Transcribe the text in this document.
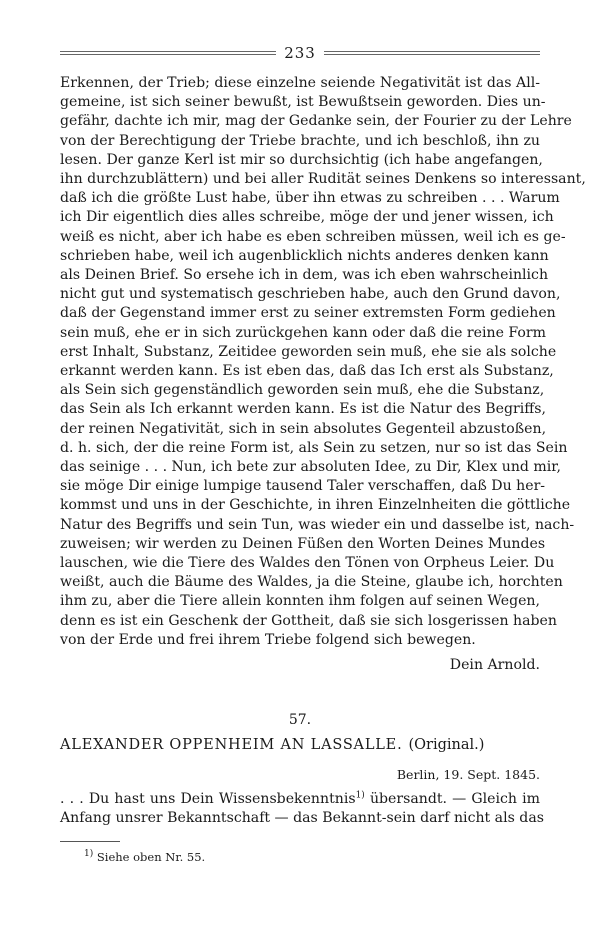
233
Erkennen, der Trieb; diese einzelne seiende Negativität ist das All-
gemeine, ist sich seiner bewußt, ist Bewußtsein geworden. Dies un-
gefähr, dachte ich mir, mag der Gedanke sein, der Fourier zu der Lehre
von der Berechtigung der Triebe brachte, und ich beschloß, ihn zu
lesen. Der ganze Kerl ist mir so durchsichtig (ich habe angefangen,
ihn durchzublättern) und bei aller Rudität seines Denkens so interessant,
daß ich die größte Lust habe, über ihn etwas zu schreiben . . . Warum
ich Dir eigentlich dies alles schreibe, möge der und jener wissen, ich
weiß es nicht, aber ich habe es eben schreiben müssen, weil ich es ge-
schrieben habe, weil ich augenblicklich nichts anderes denken kann
als Deinen Brief. So ersehe ich in dem, was ich eben wahrscheinlich
nicht gut und systematisch geschrieben habe, auch den Grund davon,
daß der Gegenstand immer erst zu seiner extremsten Form gediehen
sein muß, ehe er in sich zurückgehen kann oder daß die reine Form
erst Inhalt, Substanz, Zeitidee geworden sein muß, ehe sie als solche
erkannt werden kann. Es ist eben das, daß das Ich erst als Substanz,
als Sein sich gegenständlich geworden sein muß, ehe die Substanz,
das Sein als Ich erkannt werden kann. Es ist die Natur des Begriffs,
der reinen Negativität, sich in sein absolutes Gegenteil abzustoßen,
d. h. sich, der die reine Form ist, als Sein zu setzen, nur so ist das Sein
das seinige . . . Nun, ich bete zur absoluten Idee, zu Dir, Klex und mir,
sie möge Dir einige lumpige tausend Taler verschaffen, daß Du her-
kommst und uns in der Geschichte, in ihren Einzelnheiten die göttliche
Natur des Begriffs und sein Tun, was wieder ein und dasselbe ist, nach-
zuweisen; wir werden zu Deinen Füßen den Worten Deines Mundes
lauschen, wie die Tiere des Waldes den Tönen von Orpheus Leier. Du
weißt, auch die Bäume des Waldes, ja die Steine, glaube ich, horchten
ihm zu, aber die Tiere allein konnten ihm folgen auf seinen Wegen,
denn es ist ein Geschenk der Gottheit, daß sie sich losgerissen haben
von der Erde und frei ihrem Triebe folgend sich bewegen.
Dein Arnold.
57.
ALEXANDER OPPENHEIM AN LASSALLE. (Original.)
Berlin, 19. Sept. 1845.
. . . Du hast uns Dein Wissensbekenntnis$^{1)}$ übersandt. — Gleich im
Anfang unsrer Bekanntschaft — das Bekannt-sein darf nicht als das
$^{1)}$ Siehe oben Nr. 55.
